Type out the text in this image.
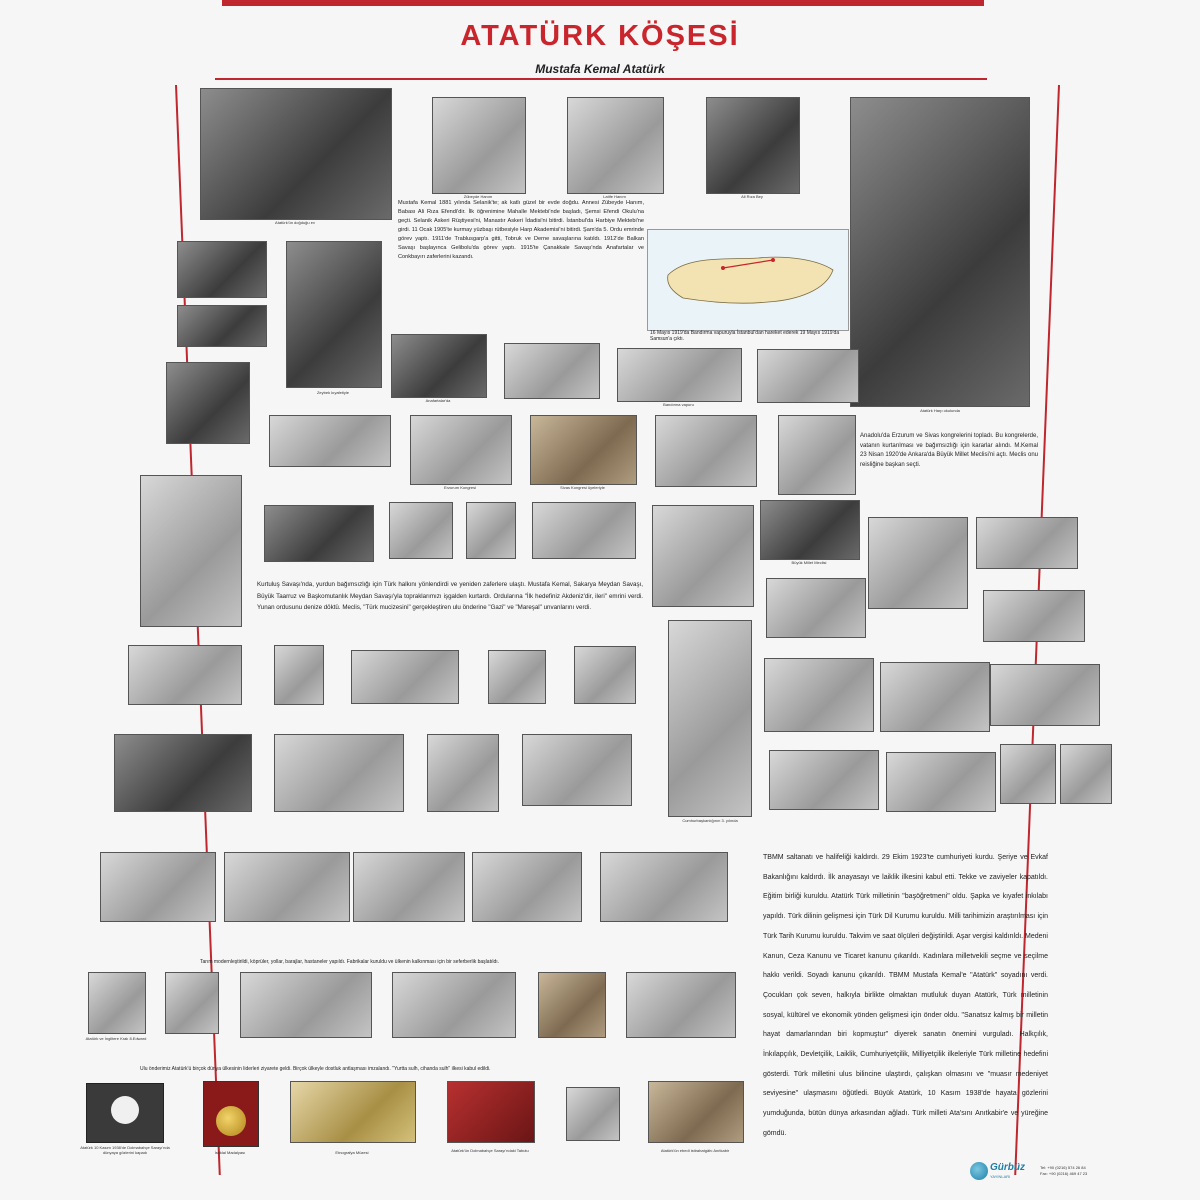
ATATÜRK KÖŞESİ
Mustafa Kemal Atatürk
Atatürk'ün doğduğu ev
Zübeyde Hanım	Latife Hanım	Ali Rıza Bey
Atatürk Harp okulunda
Mustafa Kemal 1881 yılında Selanik'te; ak katlı güzel bir evde doğdu. Annesi Zübeyde Hanım, Babası Ali Rıza Efendi'dir. İlk öğrenimine Mahalle Mektebi'nde başladı, Şemsi Efendi Okulu'na geçti. Selanik Askeri Rüştiyesi'ni, Manastır Askeri İdadisi'ni bitirdi. İstanbul'da Harbiye Mektebi'ne girdi. 11 Ocak 1905'te kurmay yüzbaşı rütbesiyle Harp Akademisi'ni bitirdi. Şam'da 5. Ordu emrinde görev yaptı. 1911'de Trablusgarp'a gitti, Tobruk ve Derne savaşlarına katıldı. 1912'de Balkan Savaşı başlayınca Gelibolu'da görev yaptı. 1915'te Çanakkale Savaşı'nda Anafartalar ve Conkbayırı zaferlerini kazandı.
16 Mayıs 1919'da Bandırma vapuruyla İstanbul'dan hareket ederek 19 Mayıs 1919'da Samsun'a çıktı.
Zeybek kıyafetiyle
Anafartalar'da
Bandırma vapuru
Erzurum Kongresi	Sivas Kongresi üyeleriyle
Anadolu'da Erzurum ve Sivas kongrelerini topladı. Bu kongrelerde, vatanın kurtarılması ve bağımsızlığı için kararlar alındı. M.Kemal 23 Nisan 1920'de Ankara'da Büyük Millet Meclisi'ni açtı. Meclis onu reisliğine başkan seçti.
Büyük Millet Meclisi
Kurtuluş Savaşı'nda, yurdun bağımsızlığı için Türk halkını yönlendirdi ve yeniden zaferlere ulaştı. Mustafa Kemal, Sakarya Meydan Savaşı, Büyük Taarruz ve Başkomutanlık Meydan Savaşı'yla topraklarımızı işgalden kurtardı. Ordularına "İlk hedefiniz Akdeniz'dir, ileri" emrini verdi. Yunan ordusunu denize döktü. Meclis, "Türk mucizesini" gerçekleştiren ulu önderine "Gazi" ve "Mareşal" unvanlarını verdi.
Cumhurbaşkanlığının 3. yılında
Tarım modernleştirildi, köprüler, yollar, barajlar, hastaneler yapıldı. Fabrikalar kuruldu ve ülkenin kalkınması için bir seferberlik başlatıldı.
TBMM saltanatı ve halifeliği kaldırdı. 29 Ekim 1923'te cumhuriyeti kurdu. Şeriye ve Evkaf Bakanlığını kaldırdı. İlk anayasayı ve laiklik ilkesini kabul etti. Tekke ve zaviyeler kapatıldı. Eğitim birliği kuruldu. Atatürk Türk milletinin "başöğretmeni" oldu. Şapka ve kıyafet inkılabı yapıldı. Türk dilinin gelişmesi için Türk Dil Kurumu kuruldu. Milli tarihimizin araştırılması için Türk Tarih Kurumu kuruldu. Takvim ve saat ölçüleri değiştirildi. Aşar vergisi kaldırıldı. Medeni Kanun, Ceza Kanunu ve Ticaret kanunu çıkarıldı. Kadınlara milletvekili seçme ve seçilme hakkı verildi. Soyadı kanunu çıkarıldı. TBMM Mustafa Kemal'e "Atatürk" soyadını verdi. Çocukları çok seven, halkıyla birlikte olmaktan mutluluk duyan Atatürk, Türk milletinin sosyal, kültürel ve ekonomik yönden gelişmesi için önder oldu. "Sanatsız kalmış bir milletin hayat damarlarından biri kopmuştur" diyerek sanatın önemini vurguladı. Halkçılık, İnkılapçılık, Devletçilik, Laiklik, Cumhuriyetçilik, Milliyetçilik ilkeleriyle Türk milletine hedefini gösterdi. Türk milletini ulus bilincine ulaştırdı, çalışkan olmasını ve "muasır medeniyet seviyesine" ulaşmasını öğütledi. Büyük Atatürk, 10 Kasım 1938'de hayata gözlerini yumduğunda, bütün dünya arkasından ağladı. Türk milleti Ata'sını Anıtkabir'e ve yüreğine gömdü.
Atatürk ve İngiltere Kralı 8.Edward
Ulu önderimiz Atatürk'ü birçok dünya ülkesinin liderleri ziyarete geldi. Birçok ülkeyle dostluk antlaşması imzalandı. "Yurtta sulh, cihanda sulh" ilkesi kabul edildi.
Atatürk 10 Kasım 1938'de Dolmabahçe Sarayı'nda dünyaya gözlerini kapadı	İstiklal Madalyası	Etnografya Müzesi	Atatürk'ün Dolmabahçe Sarayı'ndaki Tabutu	Atatürk'ün ebedi istirahatgâhı Anıtkabir
Gürbüz
YAYINLARI
Tel: +90 (0216) 574 26 84
Fax: +90 (0216) 469 47 23
